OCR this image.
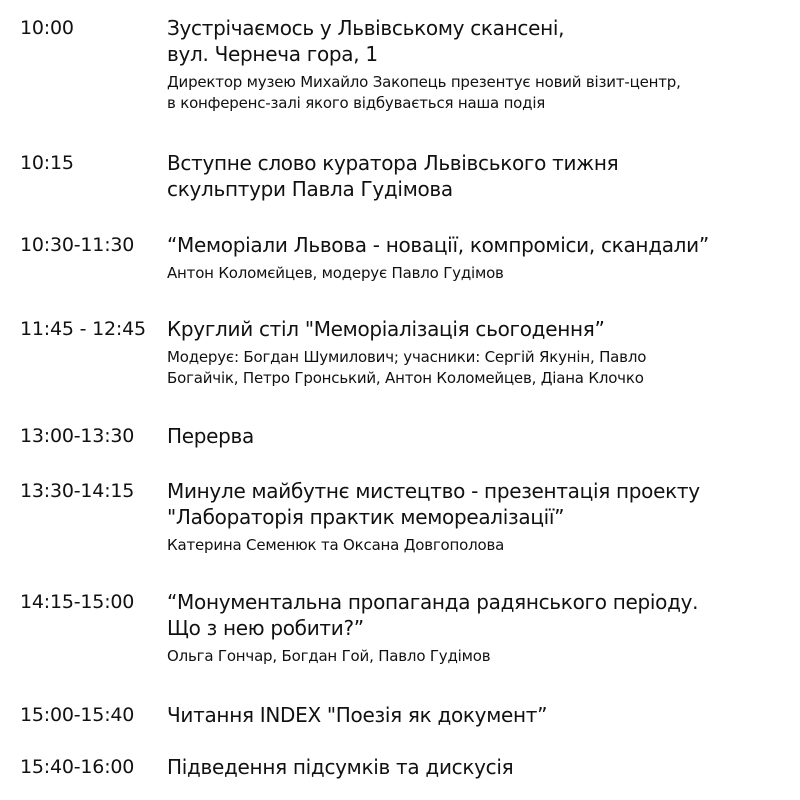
10:00	Зустрічаємось у Львівському скансені,
вул. Чернеча гора, 1
Директор музею Михайло Закопець презентує новий візит-центр,
в конференс-залі якого відбувається наша подія
10:15	Вступне слово куратора Львівського тижня
скульптури Павла Гудімова
10:30-11:30 “Меморіали Львова - новації, компроміси, скандали”
Антон Коломєйцев, модерує Павло Гудімов
11:45 - 12:45 Круглий стіл "Меморіалізація сьогодення”
Модерує: Богдан Шумилович; учасники: Сергій Якунін, Павло
Богайчік, Петро Гронський, Антон Коломейцев, Діана Клочко
13:00-13:30 Перерва
13:30-14:15 Минуле майбутнє мистецтво - презентація проекту
"Лабораторія практик мемореалізації”
Катерина Семенюк та Оксана Довгополова
14:15-15:00 “Монументальна пропаганда радянського періоду.
Що з нею робити?”
Ольга Гончар, Богдан Гой, Павло Гудімов
15:00-15:40 Читання INDEX "Поезія як документ”
15:40-16:00 Підведення підсумків та дискусія
